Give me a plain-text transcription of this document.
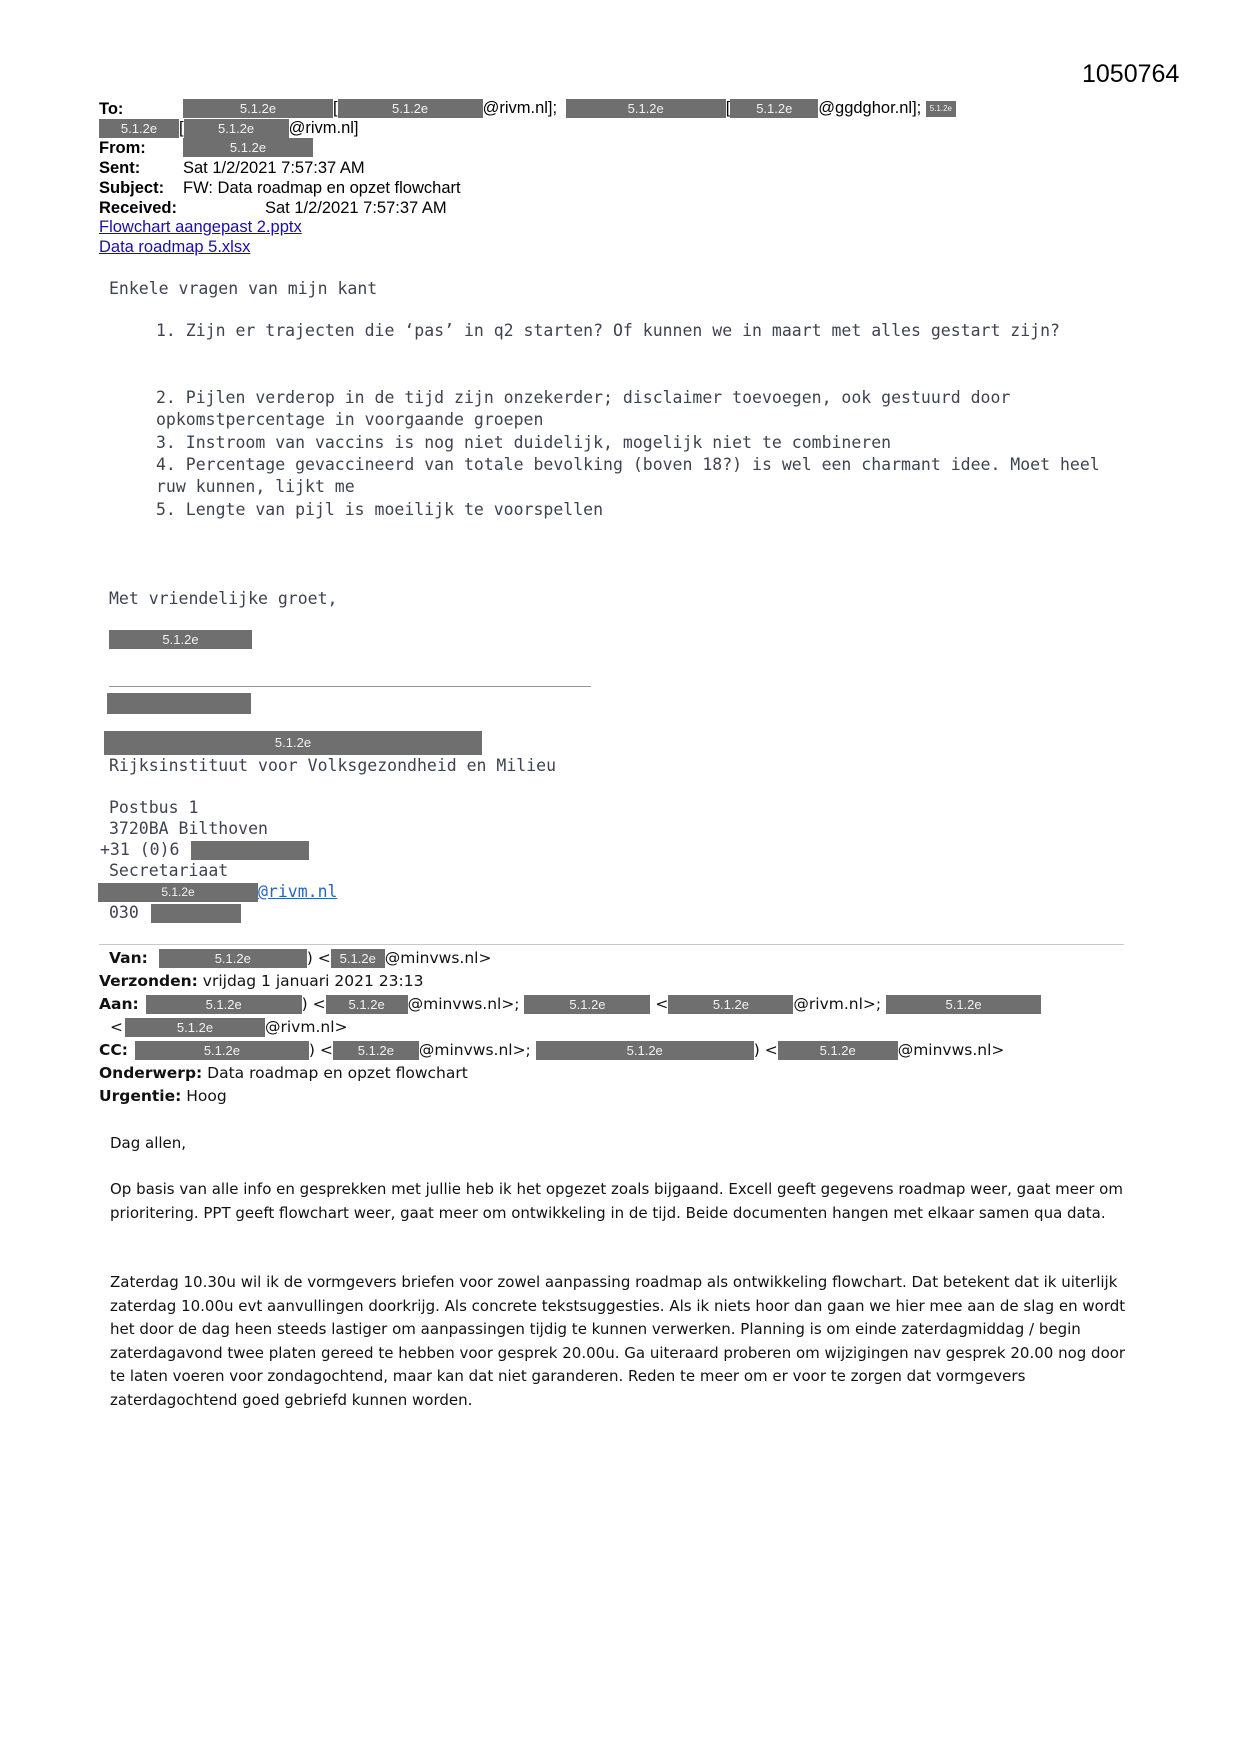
1050764
To:	5.1.2e	[	5.1.2e	@rivm.nl];	5.1.2e	[ 5.1.2e @ggdghor.nl]; 5.1.2e
5.1.2e [	5.1.2e @rivm.nl]
From:	5.1.2e
Sent:	Sat 1/2/2021 7:57:37 AM
Subject: FW: Data roadmap en opzet flowchart
Received:	Sat 1/2/2021 7:57:37 AM
Flowchart aangepast 2.pptx
Data roadmap 5.xlsx
Enkele vragen van mijn kant
1. Zijn er trajecten die ‘pas’ in q2 starten? Of kunnen we in maart met alles gestart zijn?
2. Pijlen verderop in de tijd zijn onzekerder; disclaimer toevoegen, ook gestuurd door opkomstpercentage in voorgaande groepen
3. Instroom van vaccins is nog niet duidelijk, mogelijk niet te combineren
4. Percentage gevaccineerd van totale bevolking (boven 18?) is wel een charmant idee. Moet heel ruw kunnen, lijkt me
5. Lengte van pijl is moeilijk te voorspellen
Met vriendelijke groet,
5.1.2e
____________________________________________________________
5.1.2e
Rijksinstituut voor Volksgezondheid en Milieu
Postbus 1
3720BA Bilthoven
+31 (0)6
Secretariaat
5.1.2e	@rivm.nl
030
Van:	5.1.2e	) < 5.1.2e @minvws.nl>
Verzonden: vrijdag 1 januari 2021 23:13
Aan:	5.1.2e	) < 5.1.2e @minvws.nl>;	5.1.2e	<	5.1.2e	@rivm.nl>;	5.1.2e
<	5.1.2e	@rivm.nl>
CC:	5.1.2e	) < 5.1.2e @minvws.nl>;	5.1.2e	) <	5.1.2e	@minvws.nl>
Onderwerp: Data roadmap en opzet flowchart
Urgentie: Hoog
Dag allen,
Op basis van alle info en gesprekken met jullie heb ik het opgezet zoals bijgaand. Excell geeft gegevens roadmap weer, gaat meer om prioritering. PPT geeft flowchart weer, gaat meer om ontwikkeling in de tijd. Beide documenten hangen met elkaar samen qua data.
Zaterdag 10.30u wil ik de vormgevers briefen voor zowel aanpassing roadmap als ontwikkeling flowchart. Dat betekent dat ik uiterlijk zaterdag 10.00u evt aanvullingen doorkrijg. Als concrete tekstsuggesties. Als ik niets hoor dan gaan we hier mee aan de slag en wordt het door de dag heen steeds lastiger om aanpassingen tijdig te kunnen verwerken. Planning is om einde zaterdagmiddag / begin zaterdagavond twee platen gereed te hebben voor gesprek 20.00u. Ga uiteraard proberen om wijzigingen nav gesprek 20.00 nog door te laten voeren voor zondagochtend, maar kan dat niet garanderen. Reden te meer om er voor te zorgen dat vormgevers zaterdagochtend goed gebriefd kunnen worden.
